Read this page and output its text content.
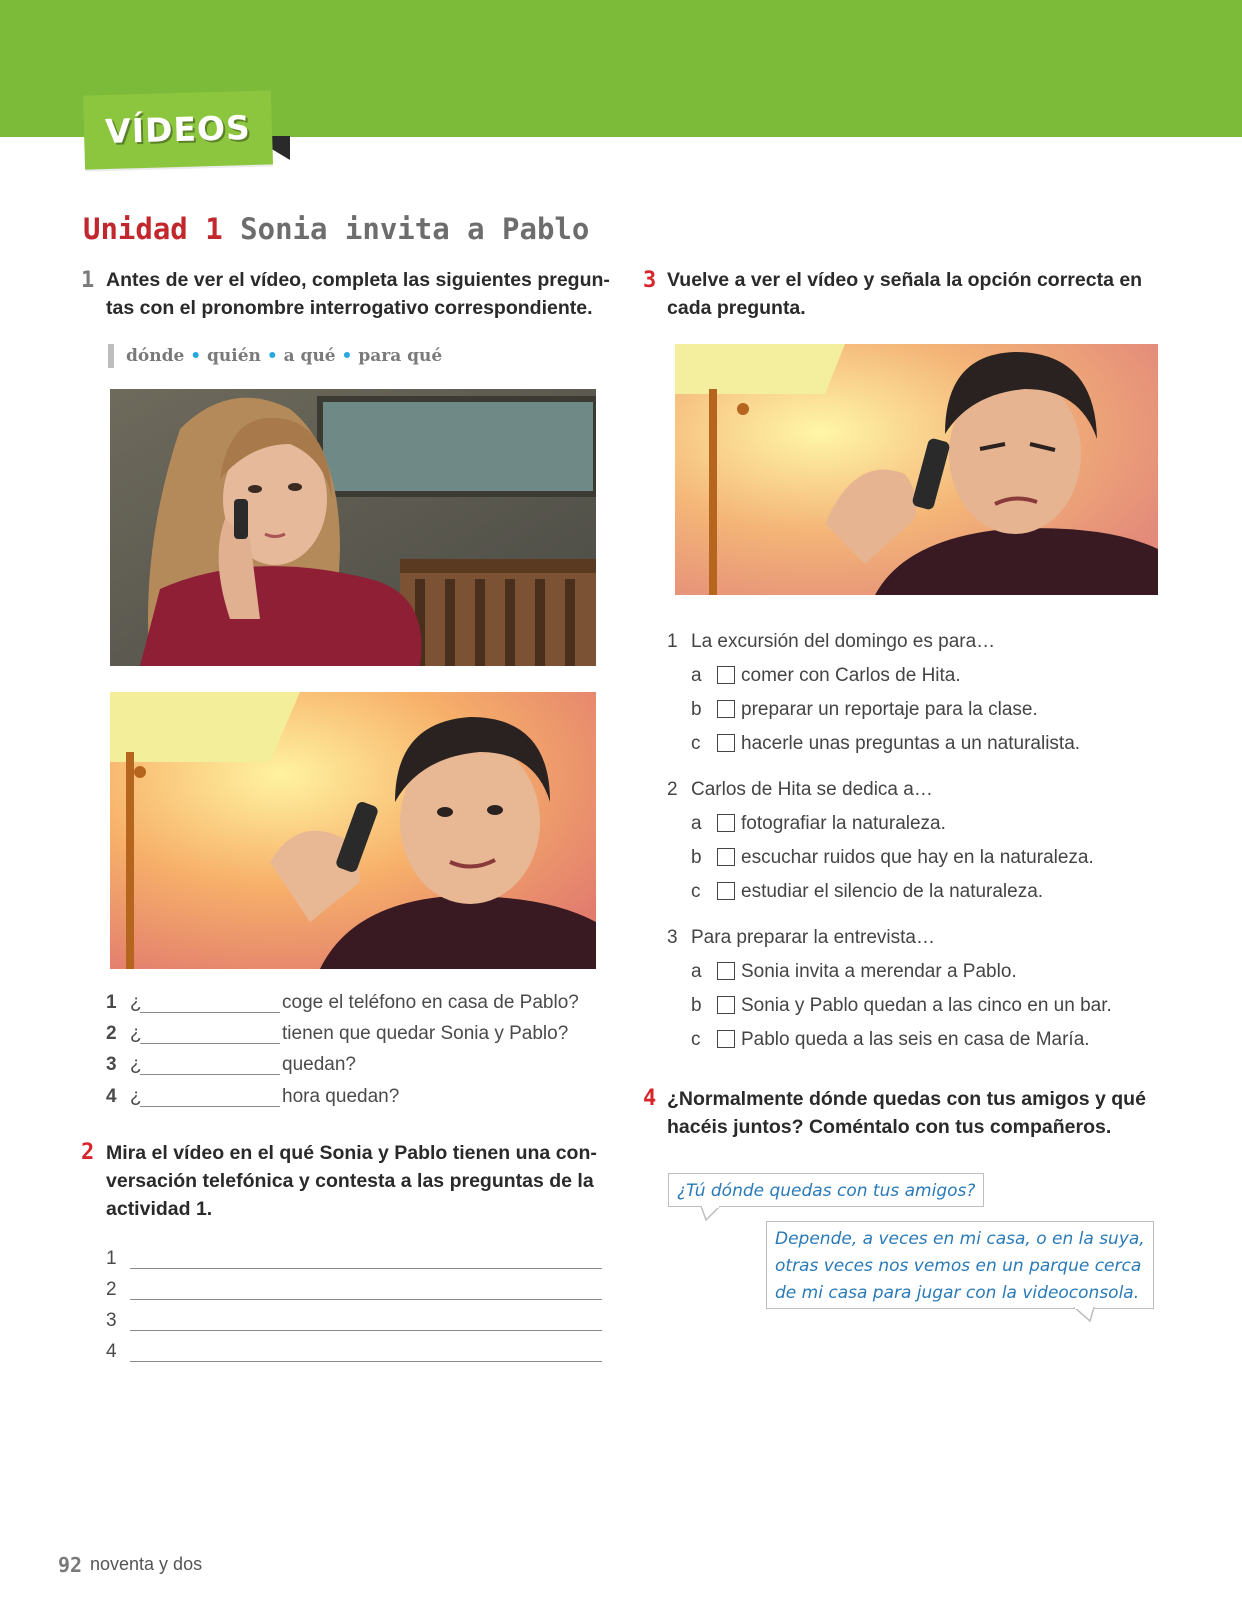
VÍDEOS
Unidad 1 Sonia invita a Pablo
1 Antes de ver el vídeo, completa las siguientes pregun-
tas con el pronombre interrogativo correspondiente.
dónde • quién • a qué • para qué
1 ¿	coge el teléfono en casa de Pablo?
2 ¿	tienen que quedar Sonia y Pablo?
3 ¿	quedan?
4 ¿	hora quedan?
2 Mira el vídeo en el qué Sonia y Pablo tienen una con-
versación telefónica y contesta a las preguntas de la
actividad 1.
1
2
3
4
3 Vuelve a ver el vídeo y señala la opción correcta en
cada pregunta.
1 La excursión del domingo es para…
a comer con Carlos de Hita.
b preparar un reportaje para la clase.
c hacerle unas preguntas a un naturalista.
2 Carlos de Hita se dedica a…
a fotografiar la naturaleza.
b escuchar ruidos que hay en la naturaleza.
c estudiar el silencio de la naturaleza.
3 Para preparar la entrevista…
a Sonia invita a merendar a Pablo.
b Sonia y Pablo quedan a las cinco en un bar.
c Pablo queda a las seis en casa de María.
4 ¿Normalmente dónde quedas con tus amigos y qué
hacéis juntos? Coméntalo con tus compañeros.
¿Tú dónde quedas con tus amigos?
Depende, a veces en mi casa, o en la suya,
otras veces nos vemos en un parque cerca
de mi casa para jugar con la videoconsola.
92 noventa y dos
